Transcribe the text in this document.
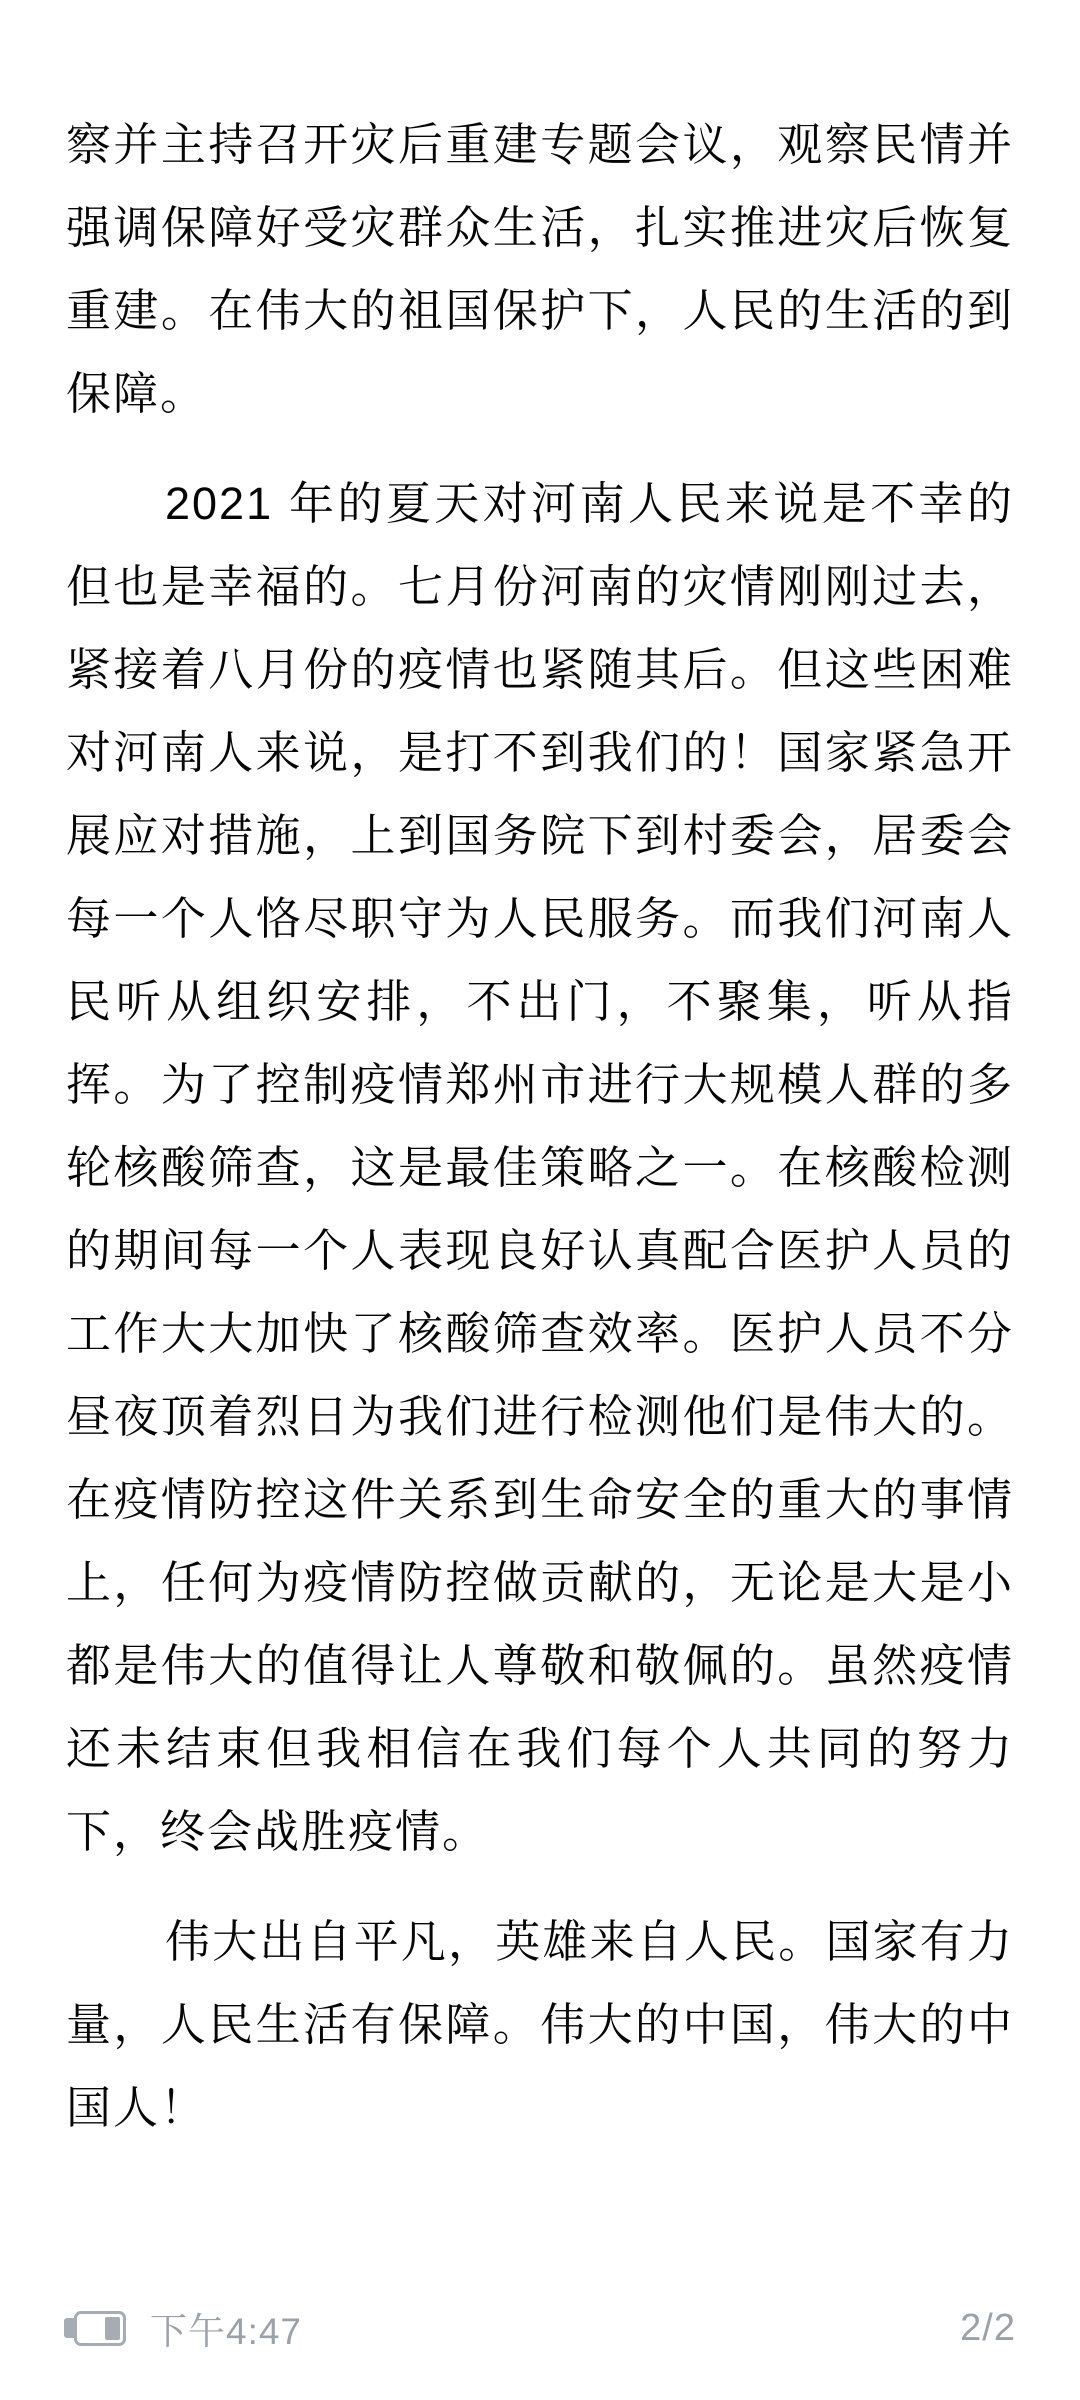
察并主持召开灾后重建专题会议，观察民情并强调保障好受灾群众生活，扎实推进灾后恢复重建。在伟大的祖国保护下，人民的生活的到保障。

2021 年的夏天对河南人民来说是不幸的但也是幸福的。七月份河南的灾情刚刚过去，紧接着八月份的疫情也紧随其后。但这些困难对河南人来说，是打不到我们的！国家紧急开展应对措施，上到国务院下到村委会，居委会每一个人恪尽职守为人民服务。而我们河南人民听从组织安排，不出门，不聚集，听从指挥。为了控制疫情郑州市进行大规模人群的多轮核酸筛查，这是最佳策略之一。在核酸检测的期间每一个人表现良好认真配合医护人员的工作大大加快了核酸筛查效率。医护人员不分昼夜顶着烈日为我们进行检测他们是伟大的。在疫情防控这件关系到生命安全的重大的事情上，任何为疫情防控做贡献的，无论是大是小都是伟大的值得让人尊敬和敬佩的。虽然疫情还未结束但我相信在我们每个人共同的努力下，终会战胜疫情。

伟大出自平凡，英雄来自人民。国家有力量，人民生活有保障。伟大的中国，伟大的中国人！

下午4:47	2/2
